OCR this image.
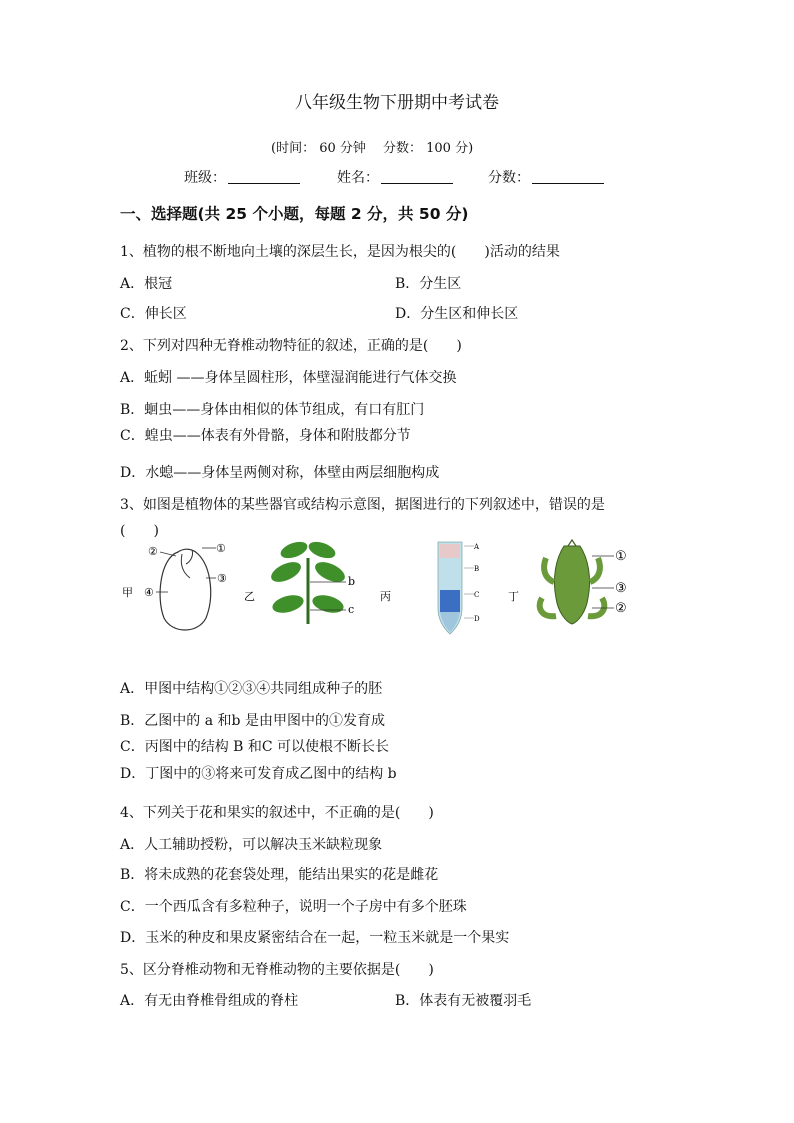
八年级生物下册期中考试卷
(时间： 60 分钟　 分数： 100 分)
班级：	姓名：	分数：
一、选择题(共 25 个小题，每题 2 分，共 50 分)
1、植物的根不断地向土壤的深层生长，是因为根尖的(　　)活动的结果
A．根冠	B．分生区
C．伸长区	D．分生区和伸长区
2、下列对四种无脊椎动物特征的叙述，正确的是(　　)
A．蚯蚓 ——身体呈圆柱形，体壁湿润能进行气体交换
B．蛔虫——身体由相似的体节组成，有口有肛门
C．蝗虫——体表有外骨骼，身体和附肢都分节
D．水螅——身体呈两侧对称，体壁由两层细胞构成
3、如图是植物体的某些器官或结构示意图，据图进行的下列叙述中，错误的是
(　　)
甲
①
②
③
④	乙
b
c
丙
A
B
C
D
丁
①
③
②
A．甲图中结构①②③④共同组成种子的胚
B．乙图中的 a 和b 是由甲图中的①发育成
C．丙图中的结构 B 和C 可以使根不断长长
D．丁图中的③将来可发育成乙图中的结构 b
4、下列关于花和果实的叙述中，不正确的是(　　)
A．人工辅助授粉，可以解决玉米缺粒现象
B．将未成熟的花套袋处理，能结出果实的花是雌花
C．一个西瓜含有多粒种子，说明一个子房中有多个胚珠
D．玉米的种皮和果皮紧密结合在一起，一粒玉米就是一个果实
5、区分脊椎动物和无脊椎动物的主要依据是(　　)
A．有无由脊椎骨组成的脊柱	B．体表有无被覆羽毛
